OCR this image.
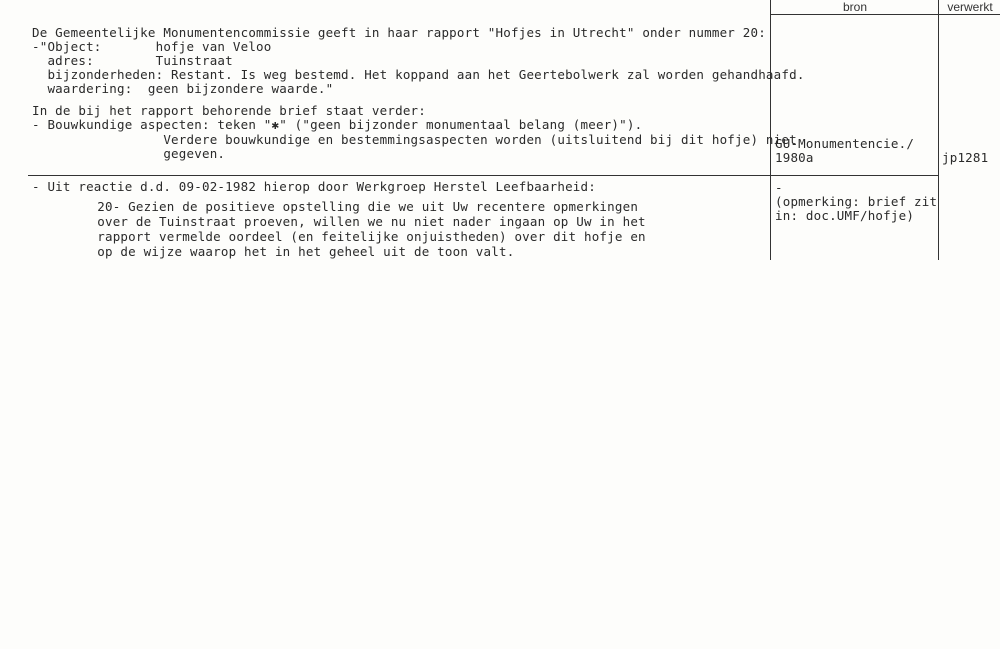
bron	verwerkt
De Gemeentelijke Monumentencommissie geeft in haar rapport "Hofjes in Utrecht" onder nummer 20:
-"Object:       hofje van Veloo
adres:        Tuinstraat
bijzonderheden: Restant. Is weg bestemd. Het koppand aan het Geertebolwerk zal worden gehandhaafd.
waardering:  geen bijzondere waarde."
In de bij het rapport behorende brief staat verder:
- Bouwkundige aspecten: teken "✱" ("geen bijzonder monumentaal belang (meer)").
Verdere bouwkundige en bestemmingsaspecten worden (uitsluitend bij dit hofje) niet
gegeven.
GU-Monumentencie./
1980a	jp1281
- Uit reactie d.d. 09-02-1982 hierop door Werkgroep Herstel Leefbaarheid:
20- Gezien de positieve opstelling die we uit Uw recentere opmerkingen
over de Tuinstraat proeven, willen we nu niet nader ingaan op Uw in het
rapport vermelde oordeel (en feitelijke onjuistheden) over dit hofje en
op de wijze waarop het in het geheel uit de toon valt.
-
(opmerking: brief zit
in: doc.UMF/hofje)
